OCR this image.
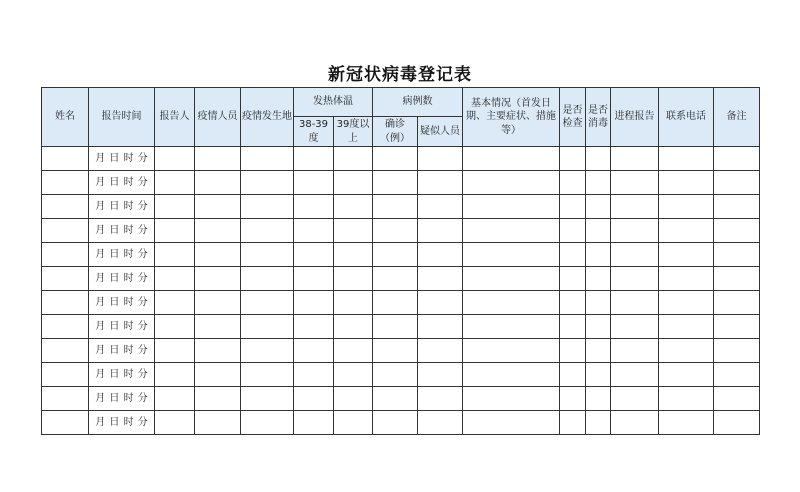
新冠状病毒登记表
姓名	报告时间	报告人	疫情人员	疫情发生地	发热体温		病例数		基本情况（首发日期、主要症状、措施等）	是否检查	是否消毒	进程报告	联系电话	备注
					38-39度	39度以上	确诊（例）	疑似人员						
	月 日 时 分													
	月 日 时 分													
	月 日 时 分													
	月 日 时 分													
	月 日 时 分													
	月 日 时 分													
	月 日 时 分													
	月 日 时 分													
	月 日 时 分													
	月 日 时 分													
	月 日 时 分													
	月 日 时 分													
